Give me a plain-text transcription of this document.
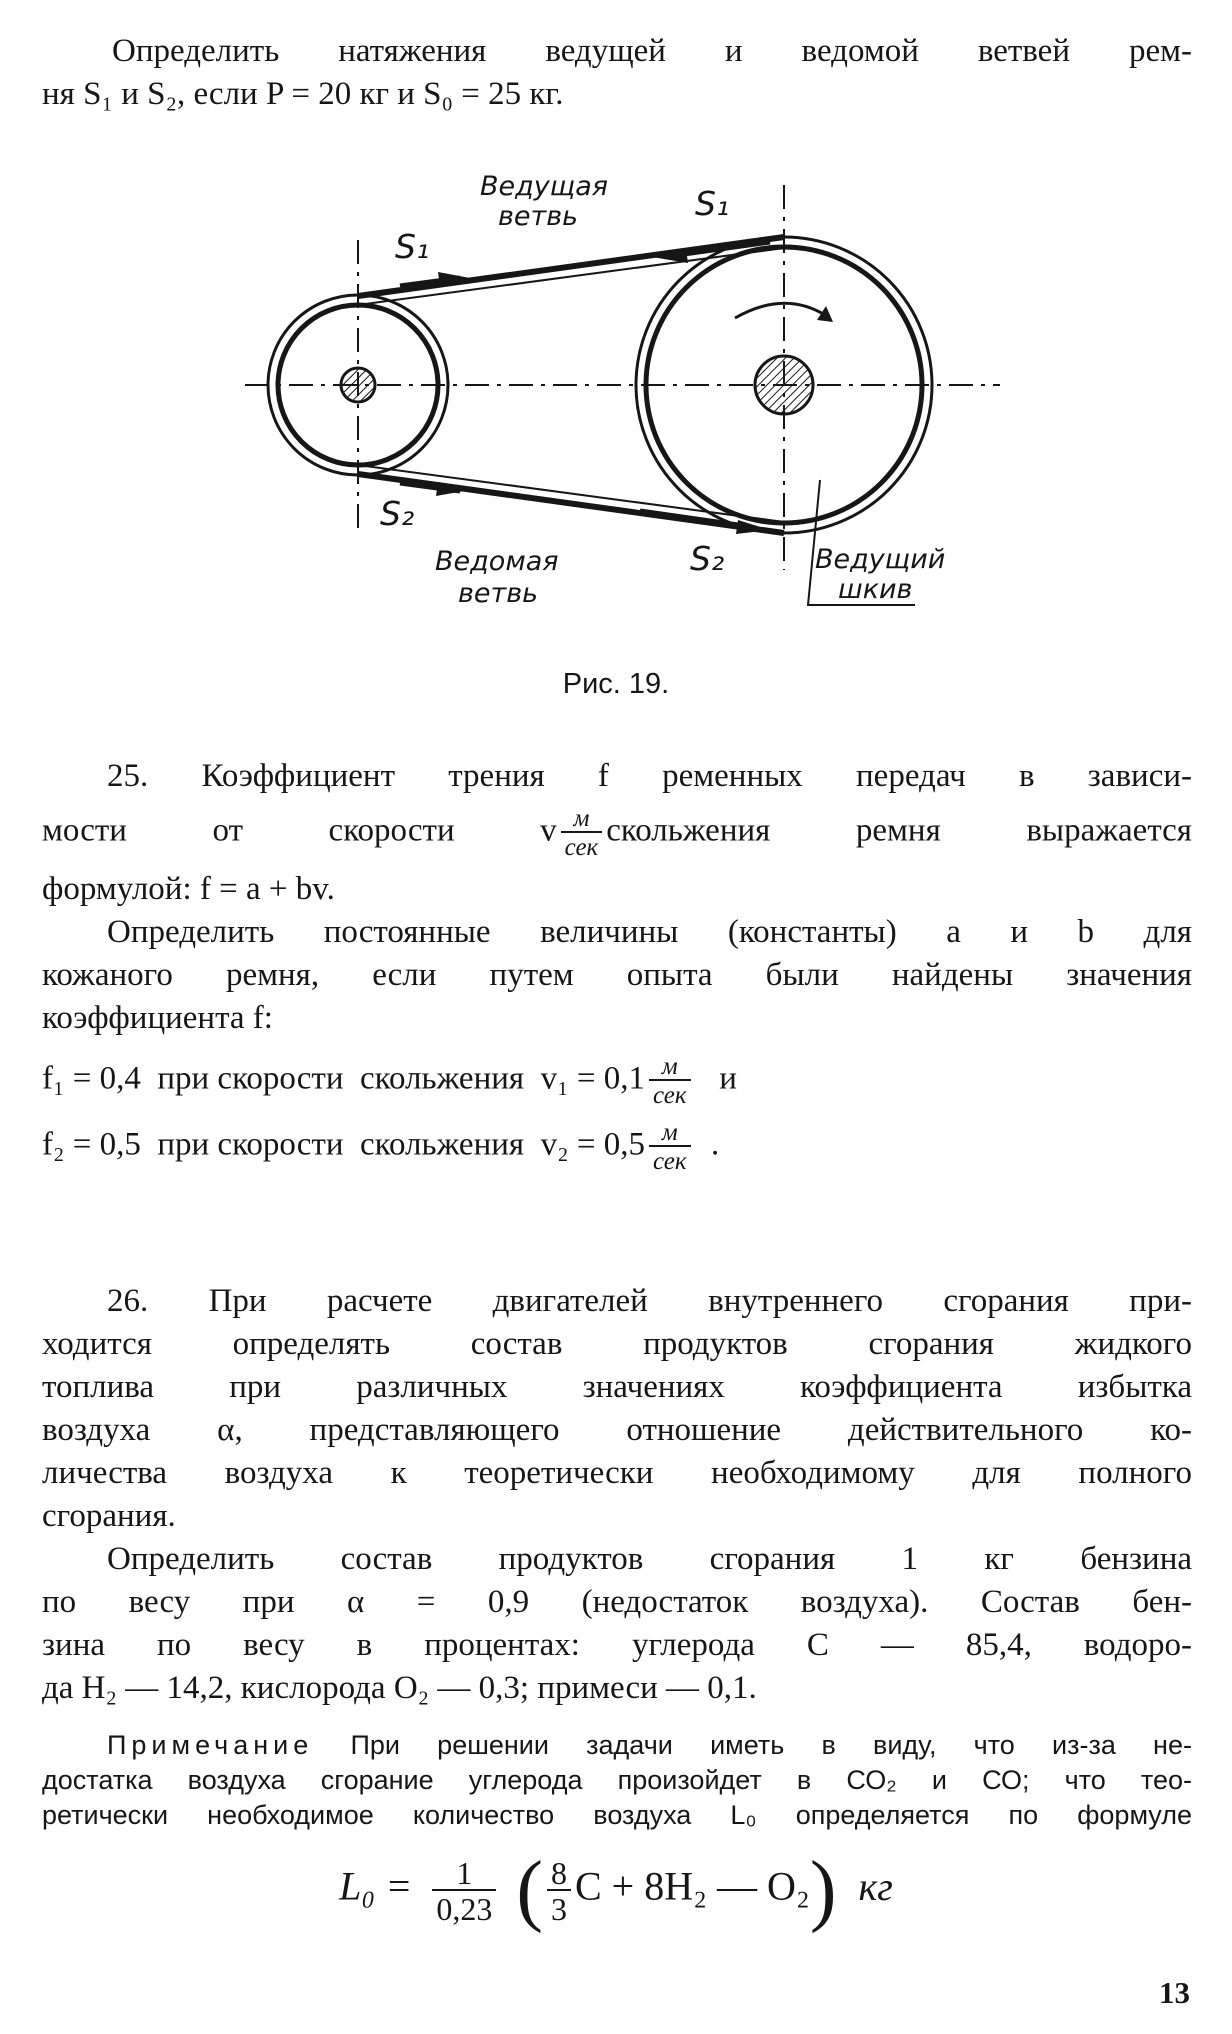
Определить натяжения ведущей и ведомой ветвей рем-
ня S₁ и S₂, если P = 20 кг и S₀ = 25 кг.
Ведущая
ветвь
S₁
S₁
S₂
S₂
Ведомая
ветвь
Ведущий
шкив
Рис. 19.
25. Коэффициент трения f ременных передач в зависи-
мости от скорости v $\frac{м}{\text{сек}}$ скольжения ремня выражается
формулой: f = a + bv.
Определить постоянные величины (константы) a и b для
кожаного ремня, если путем опыта были найдены значения
коэффициента f:
f₁ = 0,4  при скорости  скольжения  $v_1 = 0,1 \frac{м}{\text{сек}}$ и
f₂ = 0,5  при скорости  скольжения  $v_2 = 0,5 \frac{м}{\text{сек}}$ .
26. При расчете двигателей внутреннего сгорания при-
ходится определять состав продуктов сгорания жидкого
топлива при различных значениях коэффициента избытка
воздуха α, представляющего отношение действительного ко-
личества воздуха к теоретически необходимому для полного
сгорания.
Определить состав продуктов сгорания 1 кг бензина
по весу при α = 0,9 (недостаток воздуха). Состав бен-
зина по весу в процентах: углерода С — 85,4, водоро-
да Н₂ — 14,2, кислорода О₂ — 0,3; примеси — 0,1.
Примечание При решении задачи иметь в виду, что из-за не-
достатка воздуха сгорание углерода произойдет в СО₂ и СО; что тео-
ретически необходимое количество воздуха L₀ определяется по формуле
$L_0 = \frac{1}{0,23}$ ( $\frac{8}{3}$ С + 8Н₂ — О₂) кг
13
